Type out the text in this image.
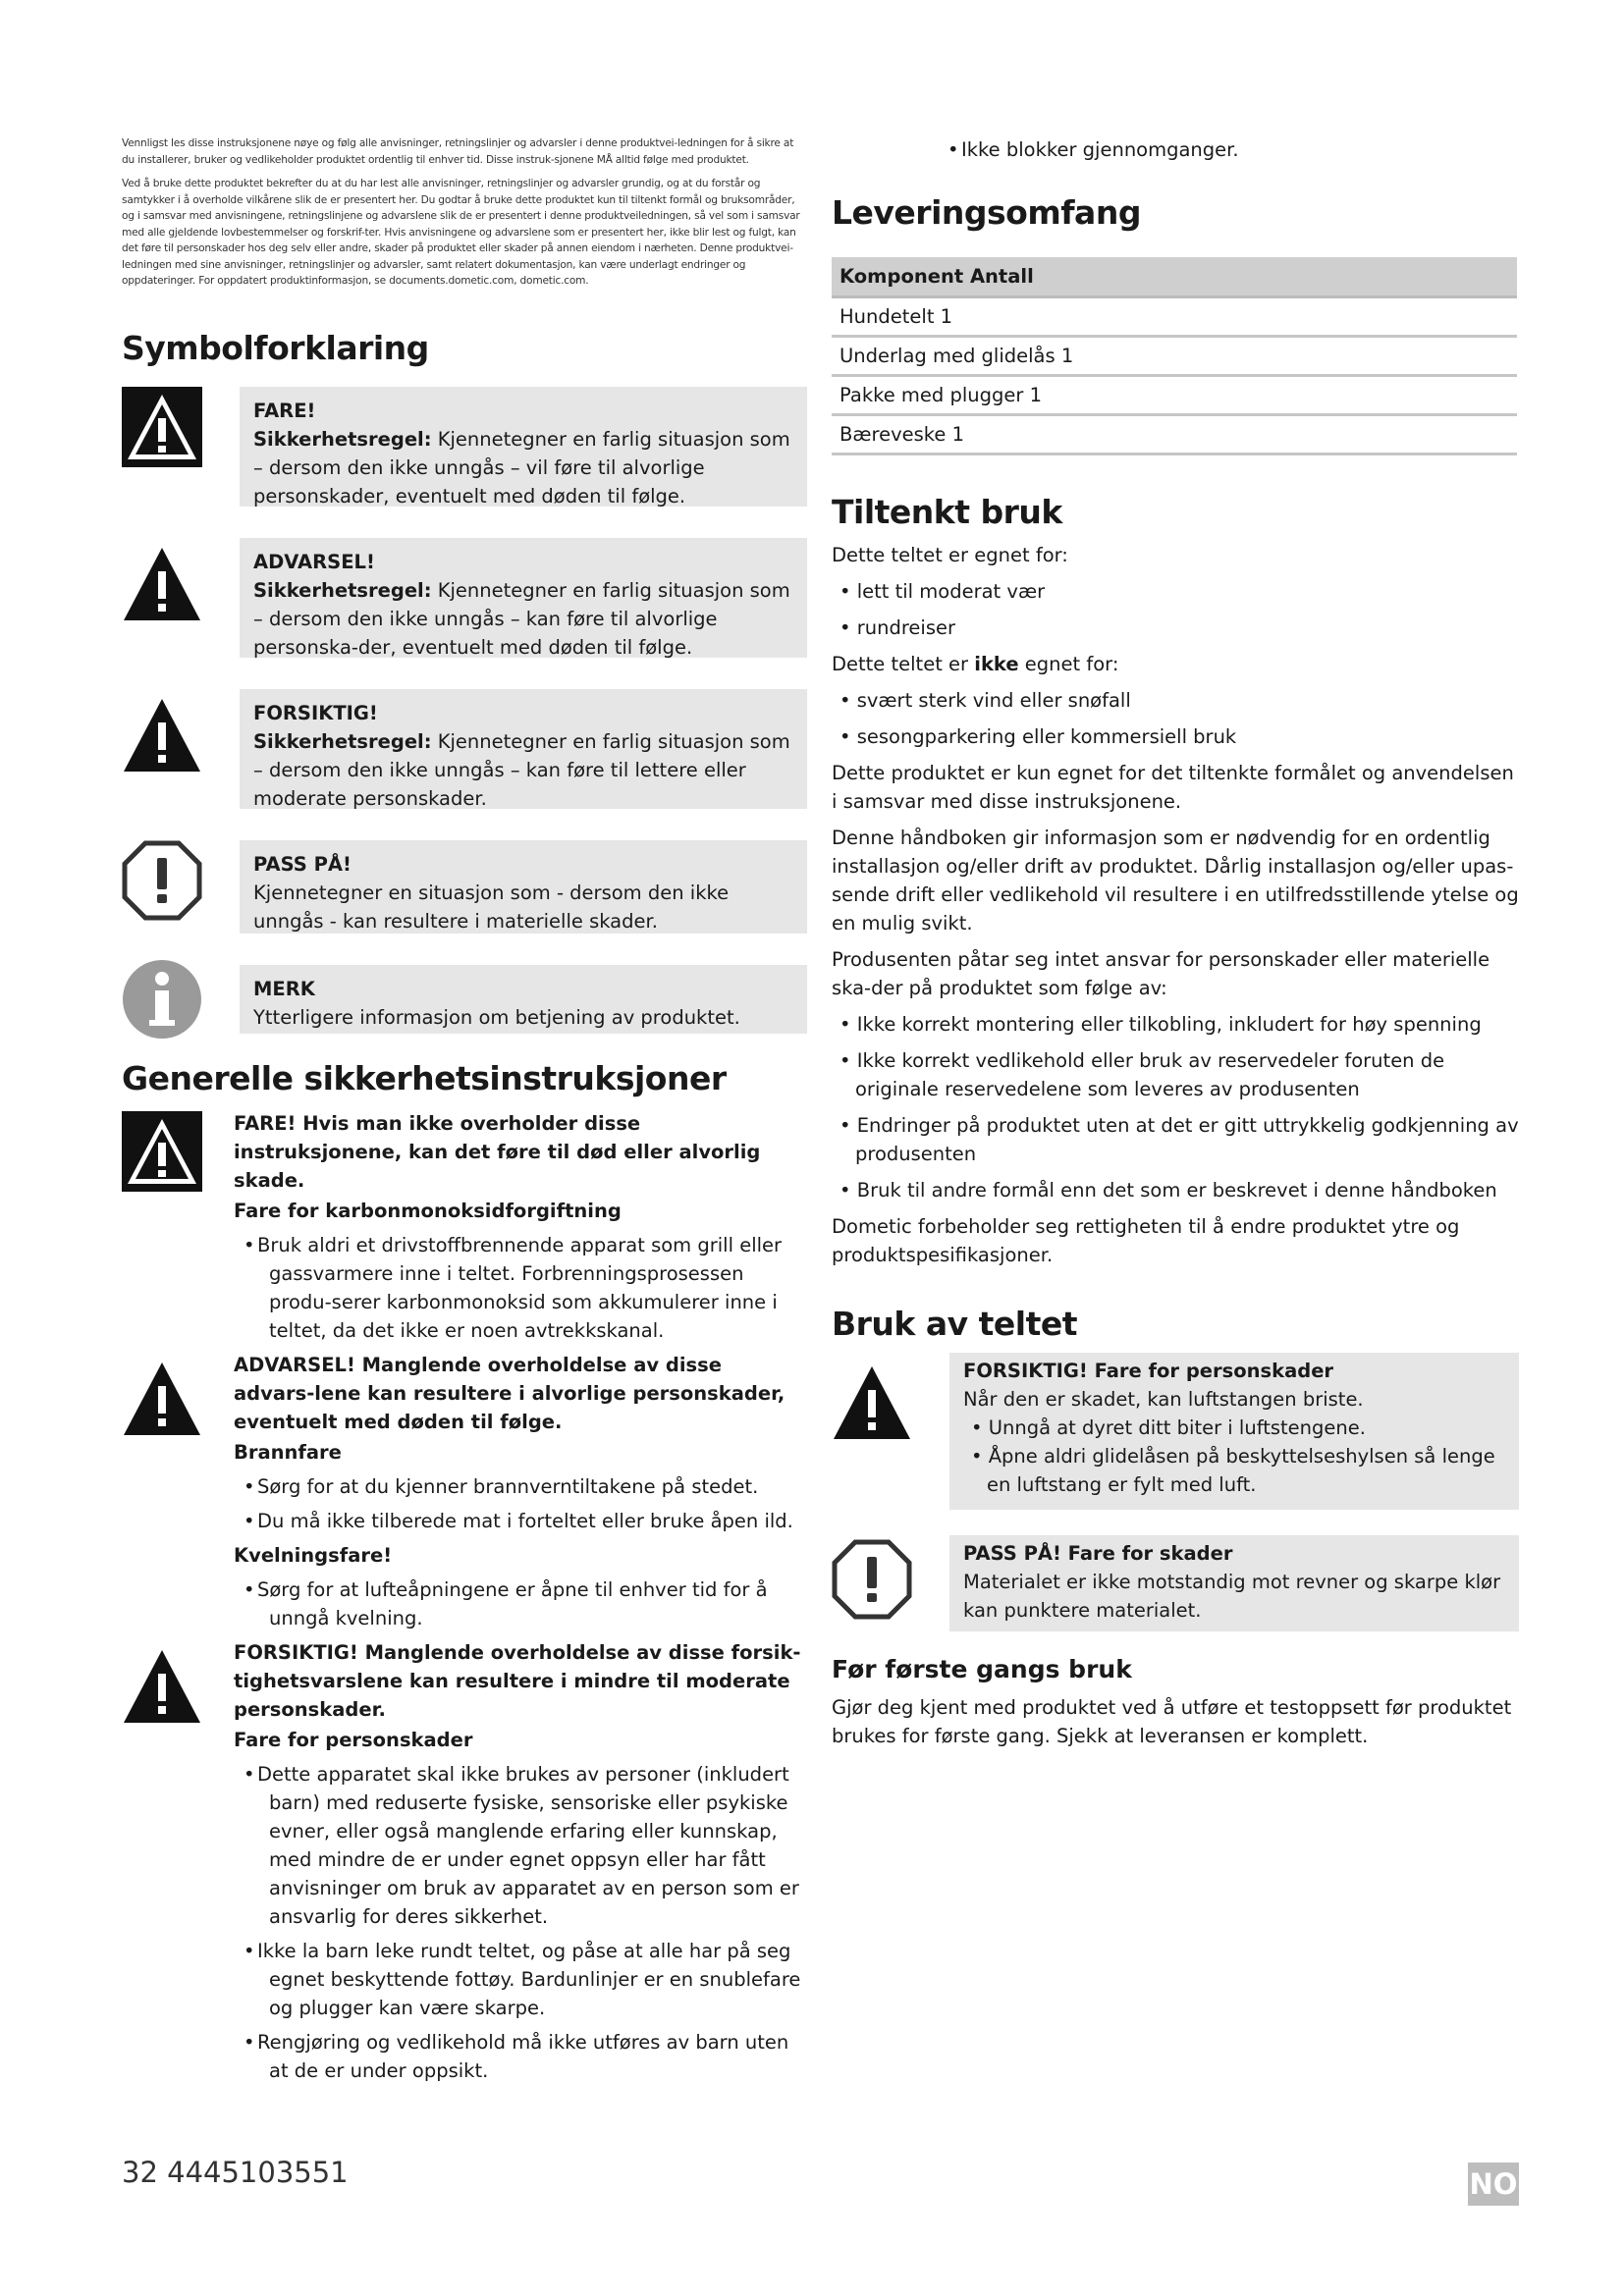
Vennligst les disse instruksjonene nøye og følg alle anvisninger, retningslinjer og advarsler i denne produktvei-ledningen for å sikre at du installerer, bruker og vedlikeholder produktet ordentlig til enhver tid. Disse instruk-sjonene MÅ alltid følge med produktet.

Ved å bruke dette produktet bekrefter du at du har lest alle anvisninger, retningslinjer og advarsler grundig, og at du forstår og samtykker i å overholde vilkårene slik de er presentert her. Du godtar å bruke dette produktet kun til tiltenkt formål og bruksområder, og i samsvar med anvisningene, retningslinjene og advarslene slik de er presentert i denne produktveiledningen, så vel som i samsvar med alle gjeldende lovbestemmelser og forskrif-ter. Hvis anvisningene og advarslene som er presentert her, ikke blir lest og fulgt, kan det føre til personskader hos deg selv eller andre, skader på produktet eller skader på annen eiendom i nærheten. Denne produktvei-ledningen med sine anvisninger, retningslinjer og advarsler, samt relatert dokumentasjon, kan være underlagt endringer og oppdateringer. For oppdatert produktinformasjon, se documents.dometic.com, dometic.com.

Symbolforklaring
FARE!
Sikkerhetsregel: Kjennetegner en farlig situasjon som – dersom den ikke unngås – vil føre til alvorlige personskader, eventuelt med døden til følge.
ADVARSEL!
Sikkerhetsregel: Kjennetegner en farlig situasjon som – dersom den ikke unngås – kan føre til alvorlige personska-der, eventuelt med døden til følge.
FORSIKTIG!
Sikkerhetsregel: Kjennetegner en farlig situasjon som – dersom den ikke unngås – kan føre til lettere eller moderate personskader.
PASS PÅ!
Kjennetegner en situasjon som - dersom den ikke unngås - kan resultere i materielle skader.
MERK
Ytterligere informasjon om betjening av produktet.
Generelle sikkerhetsinstruksjoner
FARE! Hvis man ikke overholder disse instruksjonene, kan det føre til død eller alvorlig skade.
Fare for karbonmonoksidforgiftning
• Bruk aldri et drivstoffbrennende apparat som grill eller gassvarmere inne i teltet. Forbrenningsprosessen produ-serer karbonmonoksid som akkumulerer inne i teltet, da det ikke er noen avtrekkskanal.
ADVARSEL! Manglende overholdelse av disse advars-lene kan resultere i alvorlige personskader, eventuelt med døden til følge.
Brannfare
• Sørg for at du kjenner brannverntiltakene på stedet.
• Du må ikke tilberede mat i forteltet eller bruke åpen ild.
Kvelningsfare!
• Sørg for at lufteåpningene er åpne til enhver tid for å unngå kvelning.
FORSIKTIG! Manglende overholdelse av disse forsik-tighetsvarslene kan resultere i mindre til moderate personskader.
Fare for personskader
• Dette apparatet skal ikke brukes av personer (inkludert barn) med reduserte fysiske, sensoriske eller psykiske evner, eller også manglende erfaring eller kunnskap, med mindre de er under egnet oppsyn eller har fått anvisninger om bruk av apparatet av en person som er ansvarlig for deres sikkerhet.
• Ikke la barn leke rundt teltet, og påse at alle har på seg egnet beskyttende fottøy. Bardunlinjer er en snublefare og plugger kan være skarpe.
• Rengjøring og vedlikehold må ikke utføres av barn uten at de er under oppsikt.
• Ikke blokker gjennomganger.
Leveringsomfang
Komponent Antall
Hundetelt 1
Underlag med glidelås 1
Pakke med plugger 1
Bæreveske 1
Tiltenkt bruk

Dette teltet er egnet for:

• lett til moderat vær
• rundreiser

Dette teltet er ikke egnet for:

• svært sterk vind eller snøfall
• sesongparkering eller kommersiell bruk

Dette produktet er kun egnet for det tiltenkte formålet og anvendelsen i samsvar med disse instruksjonene.

Denne håndboken gir informasjon som er nødvendig for en ordentlig installasjon og/eller drift av produktet. Dårlig installasjon og/eller upas-sende drift eller vedlikehold vil resultere i en utilfredsstillende ytelse og en mulig svikt.

Produsenten påtar seg intet ansvar for personskader eller materielle ska-der på produktet som følge av:

• Ikke korrekt montering eller tilkobling, inkludert for høy spenning
• Ikke korrekt vedlikehold eller bruk av reservedeler foruten de originale reservedelene som leveres av produsenten
• Endringer på produktet uten at det er gitt uttrykkelig godkjenning av produsenten
• Bruk til andre formål enn det som er beskrevet i denne håndboken

Dometic forbeholder seg rettigheten til å endre produktet ytre og produktspesifikasjoner.

Bruk av teltet
FORSIKTIG! Fare for personskader
Når den er skadet, kan luftstangen briste.
• Unngå at dyret ditt biter i luftstengene.
• Åpne aldri glidelåsen på beskyttelseshylsen så lenge en luftstang er fylt med luft.
PASS PÅ! Fare for skader
Materialet er ikke motstandig mot revner og skarpe klør kan punktere materialet.
Før første gangs bruk

Gjør deg kjent med produktet ved å utføre et testoppsett før produktet brukes for første gang. Sjekk at leveransen er komplett.

32 4445103551	NO
